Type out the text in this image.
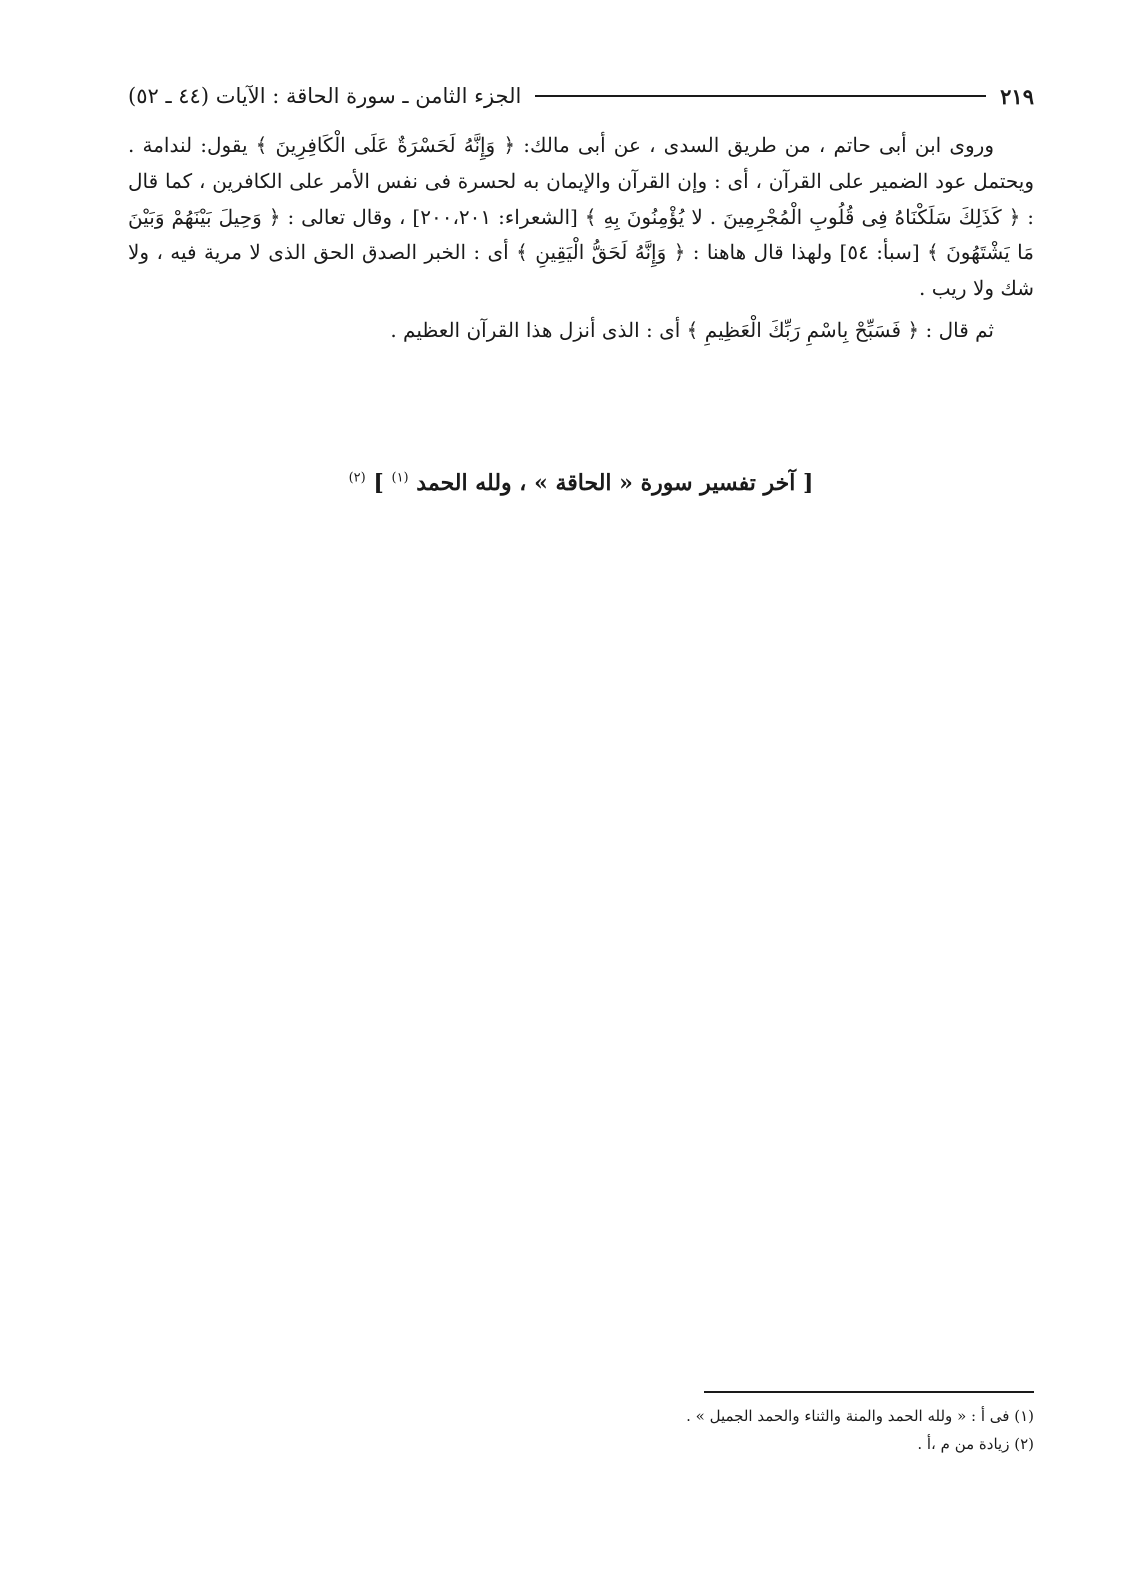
الجزء الثامن ـ سورة الحاقة : الآيات (٤٤ ـ ٥٢)	٢١٩

وروى ابن أبى حاتم ، من طريق السدى ، عن أبى مالك: ﴿ وَإِنَّهُ لَحَسْرَةٌ عَلَى الْكَافِرِينَ ﴾ يقول: لندامة . ويحتمل عود الضمير على القرآن ، أى : وإن القرآن والإيمان به لحسرة فى نفس الأمر على الكافرين ، كما قال : ﴿ كَذَلِكَ سَلَكْنَاهُ فِى قُلُوبِ الْمُجْرِمِينَ . لا يُؤْمِنُونَ بِهِ ﴾ [الشعراء: ٢٠٠،٢٠١] ، وقال تعالى : ﴿ وَحِيلَ بَيْنَهُمْ وَبَيْنَ مَا يَشْتَهُونَ ﴾ [سبأ: ٥٤] ولهذا قال هاهنا : ﴿ وَإِنَّهُ لَحَقُّ الْيَقِينِ ﴾ أى : الخبر الصدق الحق الذى لا مرية فيه ، ولا شك ولا ريب .

ثم قال : ﴿ فَسَبِّحْ بِاسْمِ رَبِّكَ الْعَظِيمِ ﴾ أى : الذى أنزل هذا القرآن العظيم .

[ آخر تفسير سورة « الحاقة » ، ولله الحمد $^{(١)}$ ] $^{(٢)}$
(١) فى أ : « ولله الحمد والمنة والثناء والحمد الجميل » .
(٢) زيادة من م ،أ .
